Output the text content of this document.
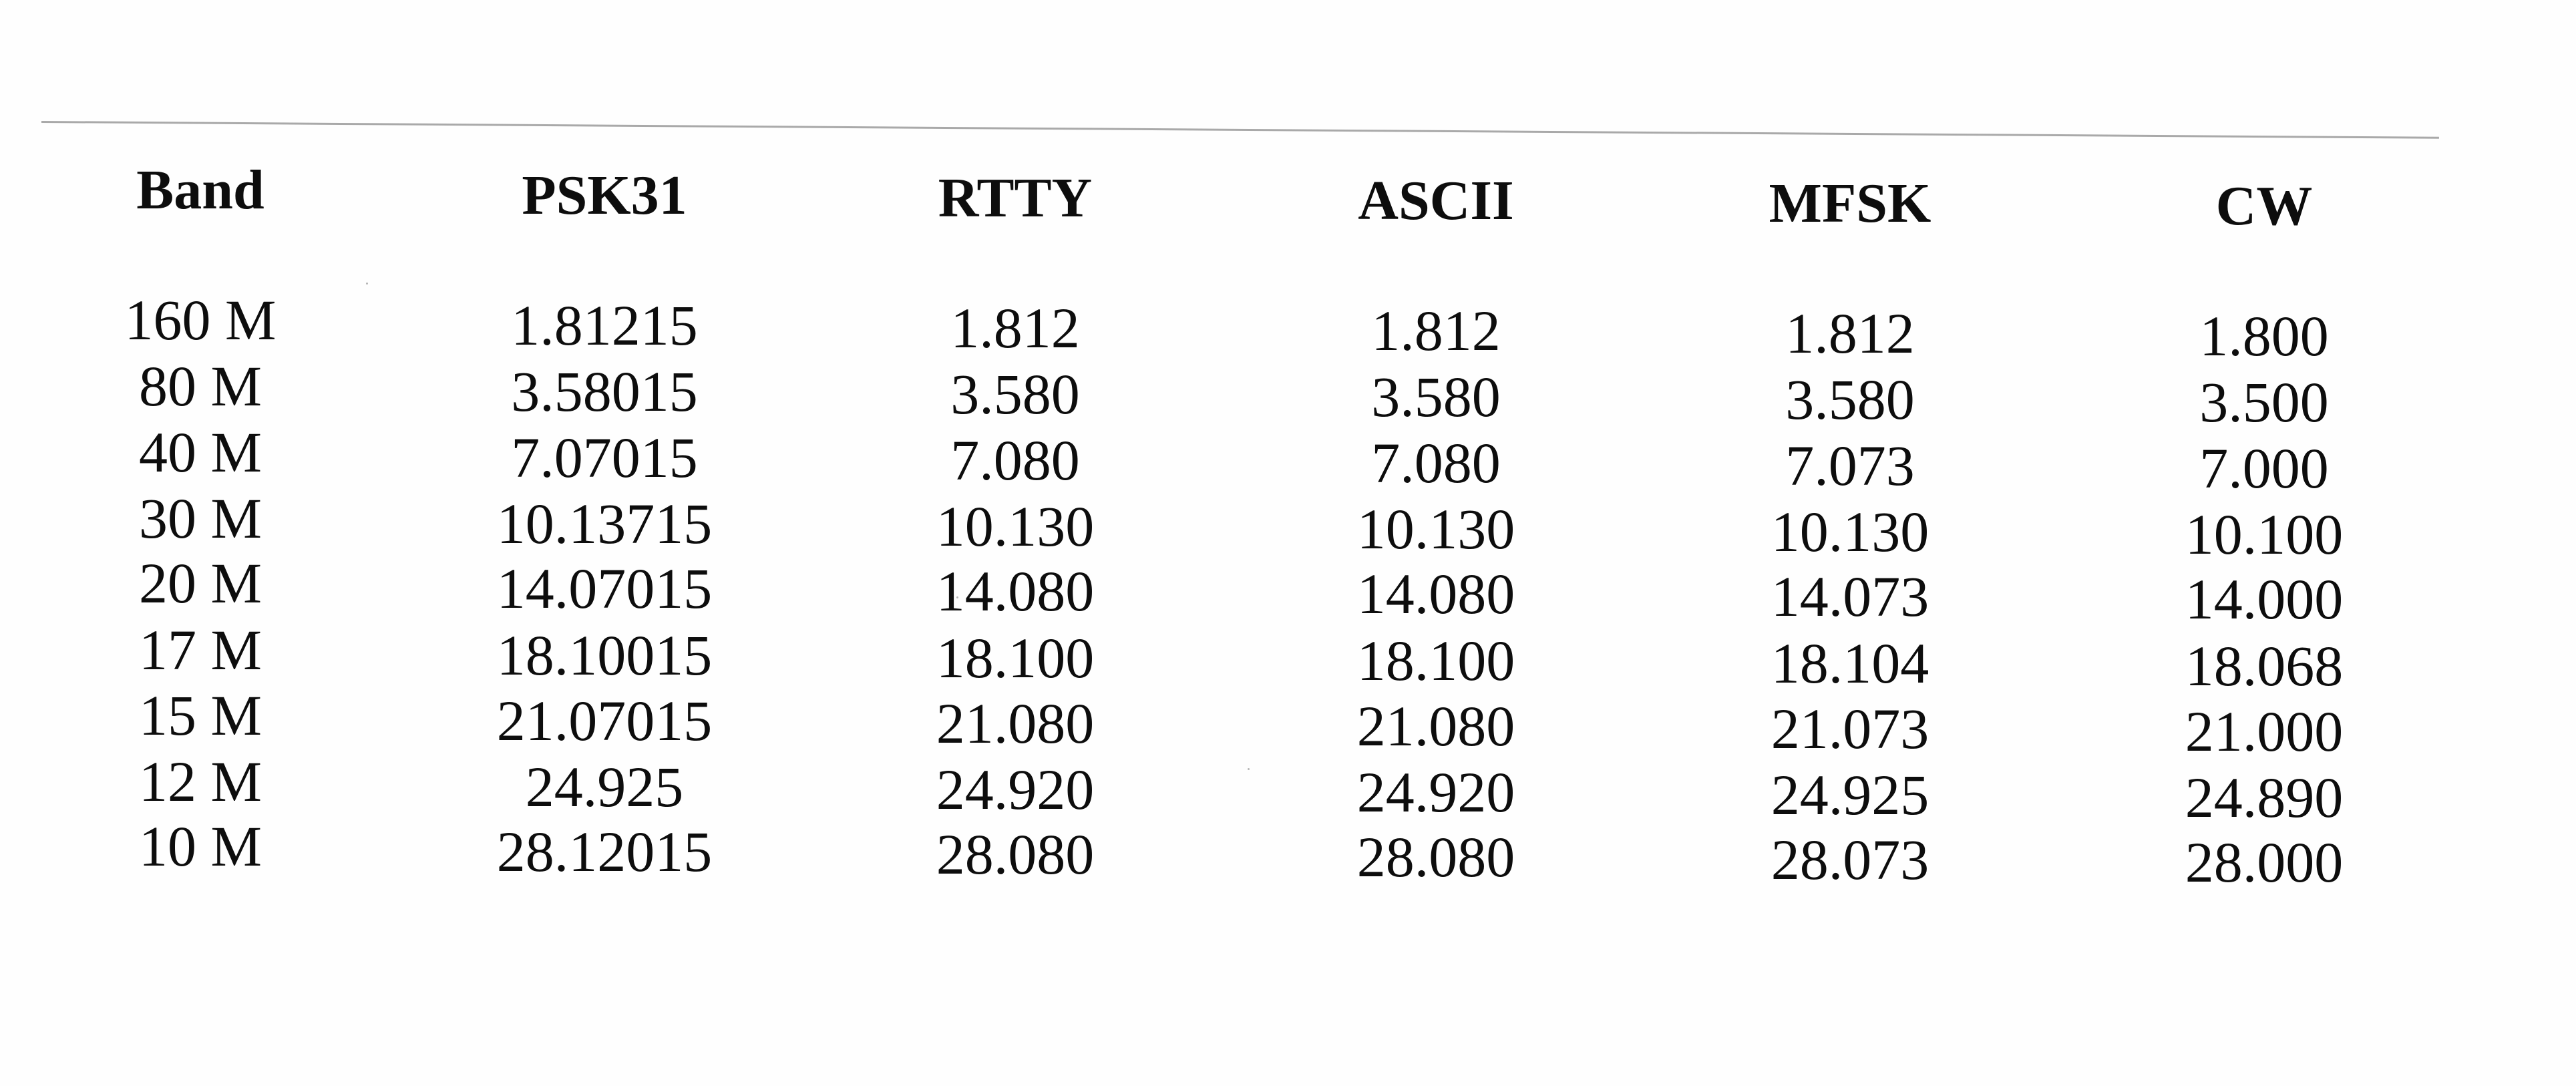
Band
160 M
80 M
40 M
30 M
20 M
17 M
15 M
12 M
10 M
PSK31
1.81215
3.58015
7.07015
10.13715
14.07015
18.10015
21.07015
24.925
28.12015
RTTY
1.812
3.580
7.080
10.130
14.080
18.100
21.080
24.920
28.080
ASCII
1.812
3.580
7.080
10.130
14.080
18.100
21.080
24.920
28.080
MFSK
1.812
3.580
7.073
10.130
14.073
18.104
21.073
24.925
28.073
CW
1.800
3.500
7.000
10.100
14.000
18.068
21.000
24.890
28.000
